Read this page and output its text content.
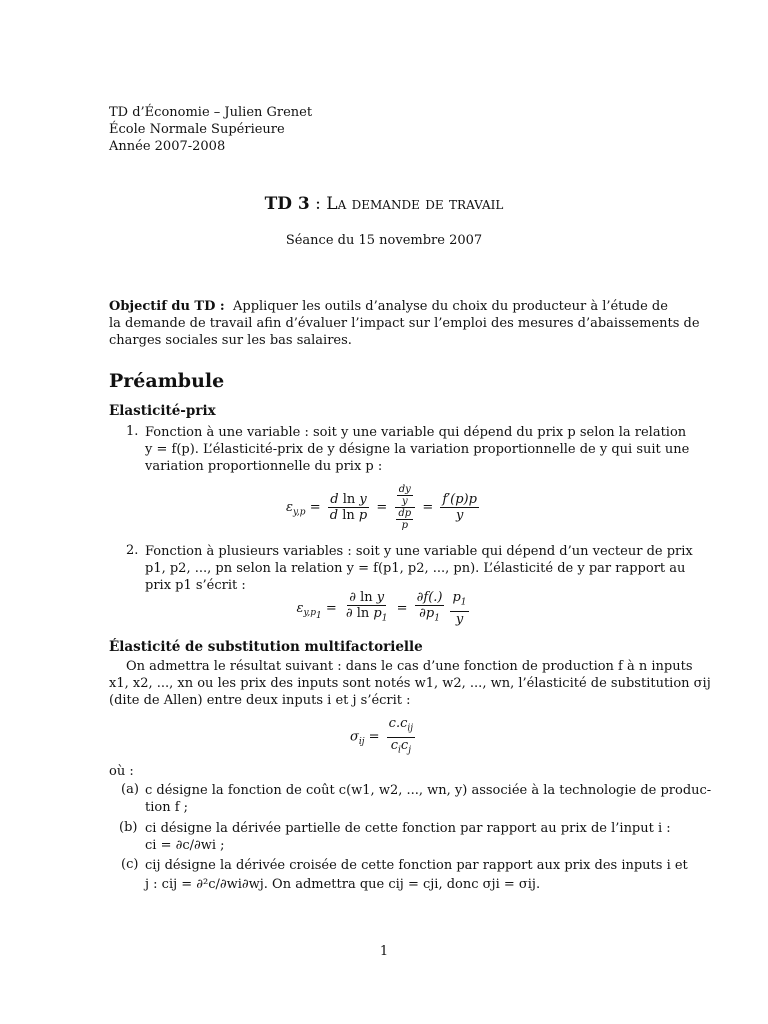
TD d’Économie – Julien Grenet
École Normale Supérieure
Année 2007-2008
TD 3 : La demande de travail
Séance du 15 novembre 2007
Objectif du TD : Appliquer les outils d’analyse du choix du producteur à l’étude de
la demande de travail afin d’évaluer l’impact sur l’emploi des mesures d’abaissements de
charges sociales sur les bas salaires.
Préambule
Elasticité-prix
1. Fonction à une variable : soit y une variable qui dépend du prix p selon la relation
y = f(p). L’élasticité-prix de y désigne la variation proportionnelle de y qui suit une
variation proportionnelle du prix p :
$\varepsilon_{y,p} = \frac{\text{d ln y}}{\text{d ln p}} = \frac{\frac{dy}{y}}{\frac{dp}{p}} = \frac{f'(p)p}{y}$
2. Fonction à plusieurs variables : soit y une variable qui dépend d’un vecteur de prix
p1, p2, ..., pn selon la relation y = f(p1, p2, ..., pn). L’élasticité de y par rapport au
prix p1 s’écrit :
$\varepsilon_{y,p_1} = \frac{\text{∂ ln y}}{\partial \ln p_1} = \frac{\partial f(.)}{\partial p_1} \frac{p_1}{y}$
Élasticité de substitution multifactorielle
On admettra le résultat suivant : dans le cas d’une fonction de production f à n inputs
x1, x2, ..., xn ou les prix des inputs sont notés w1, w2, ..., wn, l’élasticité de substitution σij
(dite de Allen) entre deux inputs i et j s’écrit :
$\sigma_{ij} = \frac{c.c_{ij}}{c_ic_j}$
où :
(a) c désigne la fonction de coût c(w1, w2, ..., wn, y) associée à la technologie de produc-
tion f ;
(b) ci désigne la dérivée partielle de cette fonction par rapport au prix de l’input i :
ci = ∂c/∂wi ;
(c) cij désigne la dérivée croisée de cette fonction par rapport aux prix des inputs i et
j : cij = ∂²c/∂wi∂wj. On admettra que cij = cji, donc σji = σij.
1
